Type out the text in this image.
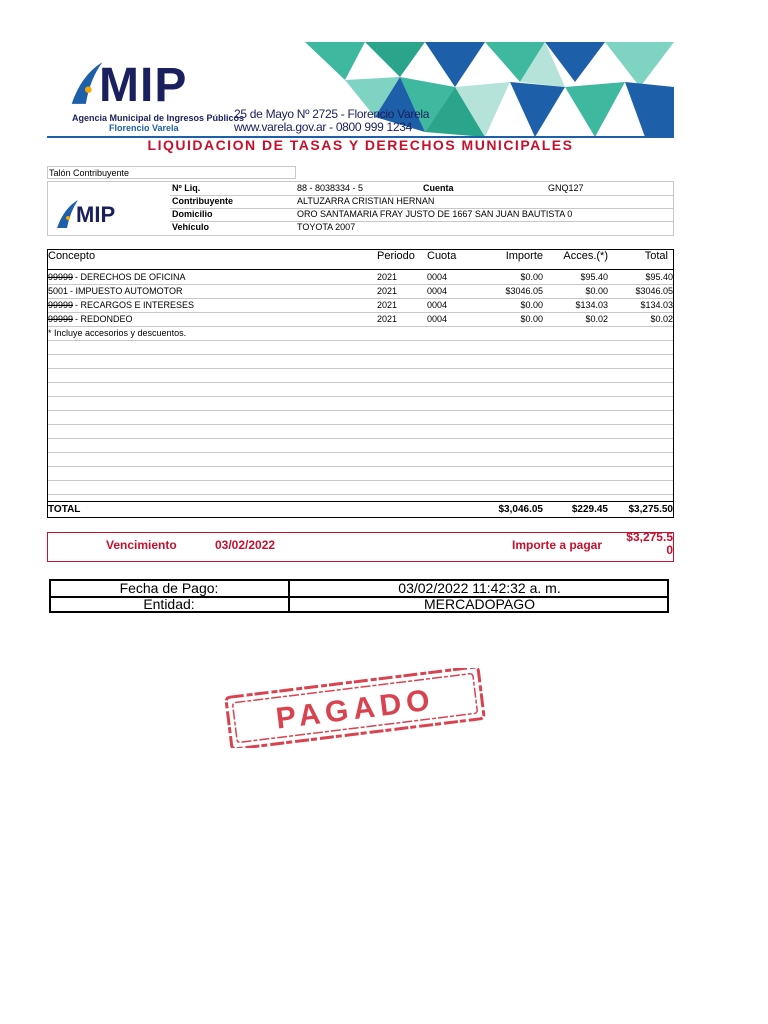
MIP
Agencia Municipal de Ingresos Públicos
Florencio Varela
25 de Mayo Nº 2725 - Florencio Varela
www.varela.gov.ar - 0800 999 1234
LIQUIDACION DE TASAS Y DERECHOS MUNICIPALES
Talón Contribuyente
MIP
Nº Liq.	88 - 8038334 - 5	Cuenta	GNQ127
Contribuyente	ALTUZARRA CRISTIAN HERNAN
Domicilio	ORO SANTAMARIA FRAY JUSTO DE 1667 SAN JUAN BAUTISTA 0
Vehículo	TOYOTA 2007
Concepto	Periodo Cuota	Importe	Acces.(*)	Total
99999 - DERECHOS DE OFICINA	2021	0004	$0.00	$95.40	$95.40
5001 - IMPUESTO AUTOMOTOR	2021	0004	$3046.05	$0.00	$3046.05
99999 - RECARGOS E INTERESES	2021	0004	$0.00	$134.03	$134.03
99999 - REDONDEO	2021	0004	$0.00	$0.02	$0.02
* Incluye accesorios y descuentos.
TOTAL	$3,046.05	$229.45	$3,275.50
Vencimiento	03/02/2022	Importe a pagar
$3,275.5
0
Fecha de Pago:	03/02/2022 11:42:32 a. m.
Entidad:	MERCADOPAGO
PAGADO
